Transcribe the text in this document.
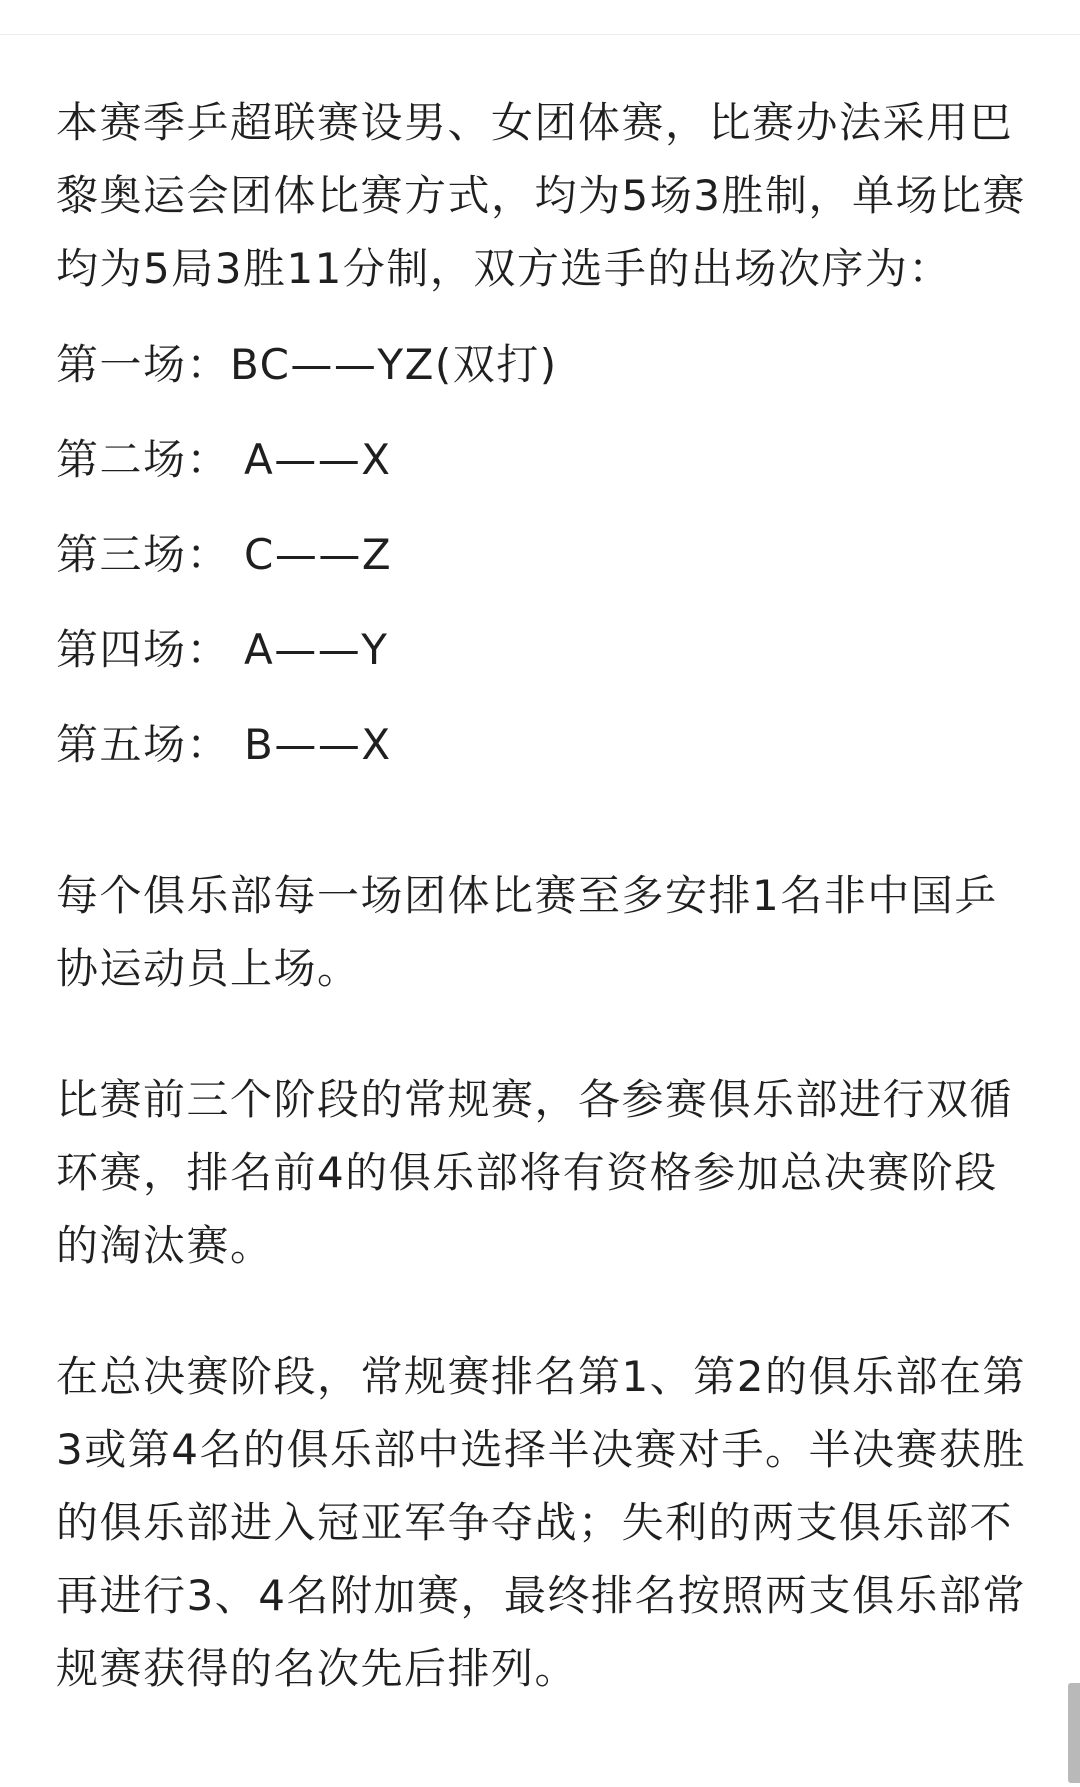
本赛季乒超联赛设男、女团体赛，比赛办法采用巴黎奥运会团体比赛方式，均为5场3胜制，单场比赛均为5局3胜11分制，双方选手的出场次序为：

第一场：BC——YZ(双打)
第二场： A——X
第三场： C——Z
第四场： A——Y
第五场： B——X

每个俱乐部每一场团体比赛至多安排1名非中国乒协运动员上场。

比赛前三个阶段的常规赛，各参赛俱乐部进行双循环赛，排名前4的俱乐部将有资格参加总决赛阶段的淘汰赛。

在总决赛阶段，常规赛排名第1、第2的俱乐部在第3或第4名的俱乐部中选择半决赛对手。半决赛获胜的俱乐部进入冠亚军争夺战；失利的两支俱乐部不再进行3、4名附加赛，最终排名按照两支俱乐部常规赛获得的名次先后排列。
